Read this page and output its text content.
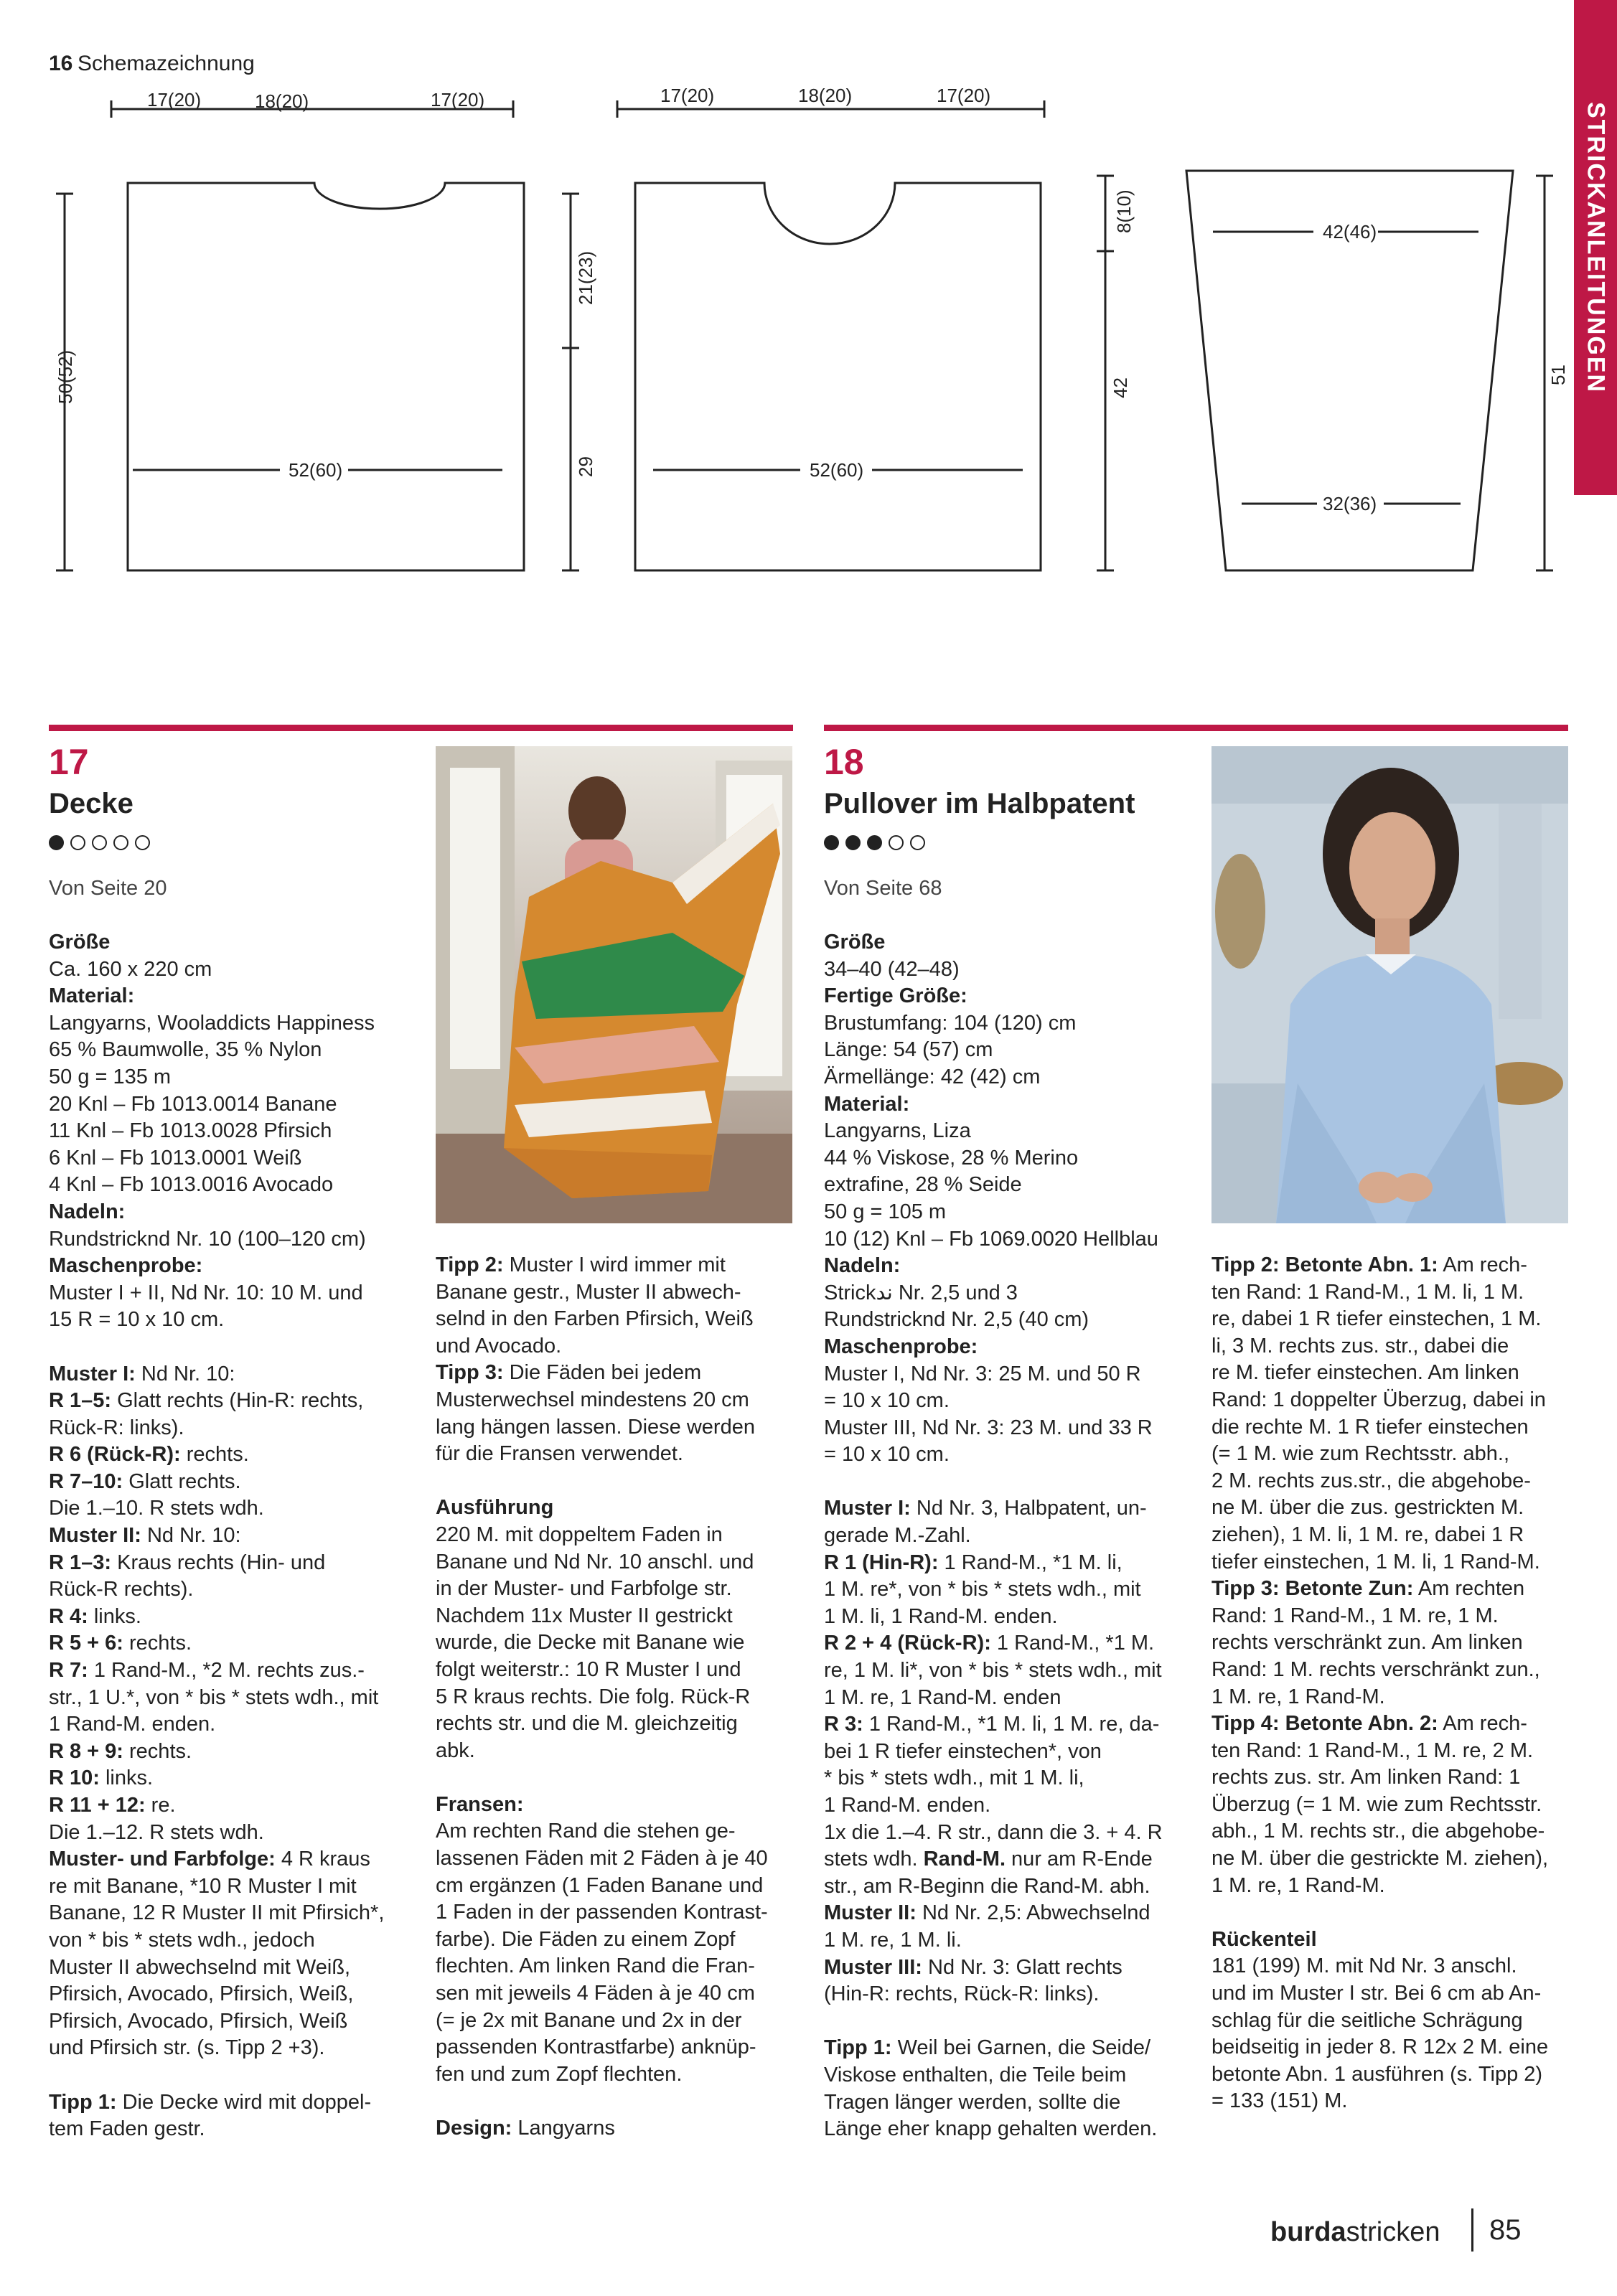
STRICKANLEITUNGEN
16 Schemazeichnung
17(20)	18(20)	17(20)	17(20)	18(20)	17(20)
52(60)	52(60)
42(46)
32(36)
50(52)
21(23)
29
8(10)
42
51
17
Decke
Von Seite 20

Größe

Ca. 160 x 220 cm

Material:

Langyarns, Wooladdicts Happiness

65 % Baumwolle, 35 % Nylon

50 g = 135 m

20 Knl – Fb 1013.0014 Banane

11 Knl – Fb 1013.0028 Pfirsich

6 Knl – Fb 1013.0001 Weiß

4 Knl – Fb 1013.0016 Avocado

Nadeln:

Rundstricknd Nr. 10 (100–120 cm)

Maschenprobe:

Muster I + II, Nd Nr. 10: 10 M. und

15 R = 10 x 10 cm.

Muster I: Nd Nr. 10:

R 1–5: Glatt rechts (Hin-R: rechts,

Rück-R: links).

R 6 (Rück-R): rechts.

R 7–10: Glatt rechts.

Die 1.–10. R stets wdh.

Muster II: Nd Nr. 10:

R 1–3: Kraus rechts (Hin- und

Rück-R rechts).

R 4: links.

R 5 + 6: rechts.

R 7: 1 Rand-M., *2 M. rechts zus.-

str., 1 U.*, von * bis * stets wdh., mit

1 Rand-M. enden.

R 8 + 9: rechts.

R 10: links.

R 11 + 12: re.

Die 1.–12. R stets wdh.

Muster- und Farbfolge: 4 R kraus

re mit Banane, *10 R Muster I mit

Banane, 12 R Muster II mit Pfirsich*,

von * bis * stets wdh., jedoch

Muster II abwechselnd mit Weiß,

Pfirsich, Avocado, Pfirsich, Weiß,

Pfirsich, Avocado, Pfirsich, Weiß

und Pfirsich str. (s. Tipp 2 +3).

Tipp 1: Die Decke wird mit doppel-

tem Faden gestr.

Tipp 2: Muster I wird immer mit

Banane gestr., Muster II abwech-

selnd in den Farben Pfirsich, Weiß

und Avocado.

Tipp 3: Die Fäden bei jedem

Musterwechsel mindestens 20 cm

lang hängen lassen. Diese werden

für die Fransen verwendet.

Ausführung

220 M. mit doppeltem Faden in

Banane und Nd Nr. 10 anschl. und

in der Muster- und Farbfolge str.

Nachdem 11x Muster II gestrickt

wurde, die Decke mit Banane wie

folgt weiterstr.: 10 R Muster I und

5 R kraus rechts. Die folg. Rück-R

rechts str. und die M. gleichzeitig

abk.

Fransen:

Am rechten Rand die stehen ge-

lassenen Fäden mit 2 Fäden à je 40

cm ergänzen (1 Faden Banane und

1 Faden in der passenden Kontrast-

farbe). Die Fäden zu einem Zopf

flechten. Am linken Rand die Fran-

sen mit jeweils 4 Fäden à je 40 cm

(= je 2x mit Banane und 2x in der

passenden Kontrastfarbe) anknüp-

fen und zum Zopf flechten.

Design: Langyarns

18
Pullover im Halbpatent
Von Seite 68

Größe

34–40 (42–48)

Fertige Größe:

Brustumfang: 104 (120) cm

Länge: 54 (57) cm

Ärmellänge: 42 (42) cm

Material:

Langyarns, Liza

44 % Viskose, 28 % Merino

extrafine, 28 % Seide

50 g = 105 m

10 (12) Knl – Fb 1069.0020 Hellblau

Nadeln:

Strickند Nr. 2,5 und 3

Rundstricknd Nr. 2,5 (40 cm)

Maschenprobe:

Muster I, Nd Nr. 3: 25 M. und 50 R

= 10 x 10 cm.

Muster III, Nd Nr. 3: 23 M. und 33 R

= 10 x 10 cm.

Muster I: Nd Nr. 3, Halbpatent, un-

gerade M.-Zahl.

R 1 (Hin-R): 1 Rand-M., *1 M. li,

1 M. re*, von * bis * stets wdh., mit

1 M. li, 1 Rand-M. enden.

R 2 + 4 (Rück-R): 1 Rand-M., *1 M.

re, 1 M. li*, von * bis * stets wdh., mit

1 M. re, 1 Rand-M. enden

R 3: 1 Rand-M., *1 M. li, 1 M. re, da-

bei 1 R tiefer einstechen*, von

* bis * stets wdh., mit 1 M. li,

1 Rand-M. enden.

1x die 1.–4. R str., dann die 3. + 4. R

stets wdh. Rand-M. nur am R-Ende

str., am R-Beginn die Rand-M. abh.

Muster II: Nd Nr. 2,5: Abwechselnd

1 M. re, 1 M. li.

Muster III: Nd Nr. 3: Glatt rechts

(Hin-R: rechts, Rück-R: links).

Tipp 1: Weil bei Garnen, die Seide/

Viskose enthalten, die Teile beim

Tragen länger werden, sollte die

Länge eher knapp gehalten werden.

Tipp 2: Betonte Abn. 1: Am rech-

ten Rand: 1 Rand-M., 1 M. li, 1 M.

re, dabei 1 R tiefer einstechen, 1 M.

li, 3 M. rechts zus. str., dabei die

re M. tiefer einstechen. Am linken

Rand: 1 doppelter Überzug, dabei in

die rechte M. 1 R tiefer einstechen

(= 1 M. wie zum Rechtsstr. abh.,

2 M. rechts zus.str., die abgehobe-

ne M. über die zus. gestrickten M.

ziehen), 1 M. li, 1 M. re, dabei 1 R

tiefer einstechen, 1 M. li, 1 Rand-M.

Tipp 3: Betonte Zun: Am rechten

Rand: 1 Rand-M., 1 M. re, 1 M.

rechts verschränkt zun. Am linken

Rand: 1 M. rechts verschränkt zun.,

1 M. re, 1 Rand-M.

Tipp 4: Betonte Abn. 2: Am rech-

ten Rand: 1 Rand-M., 1 M. re, 2 M.

rechts zus. str. Am linken Rand: 1

Überzug (= 1 M. wie zum Rechtsstr.

abh., 1 M. rechts str., die abgehobe-

ne M. über die gestrickte M. ziehen),

1 M. re, 1 Rand-M.

Rückenteil

181 (199) M. mit Nd Nr. 3 anschl.

und im Muster I str. Bei 6 cm ab An-

schlag für die seitliche Schrägung

beidseitig in jeder 8. R 12x 2 M. eine

betonte Abn. 1 ausführen (s. Tipp 2)

= 133 (151) M.

burdastricken 85
